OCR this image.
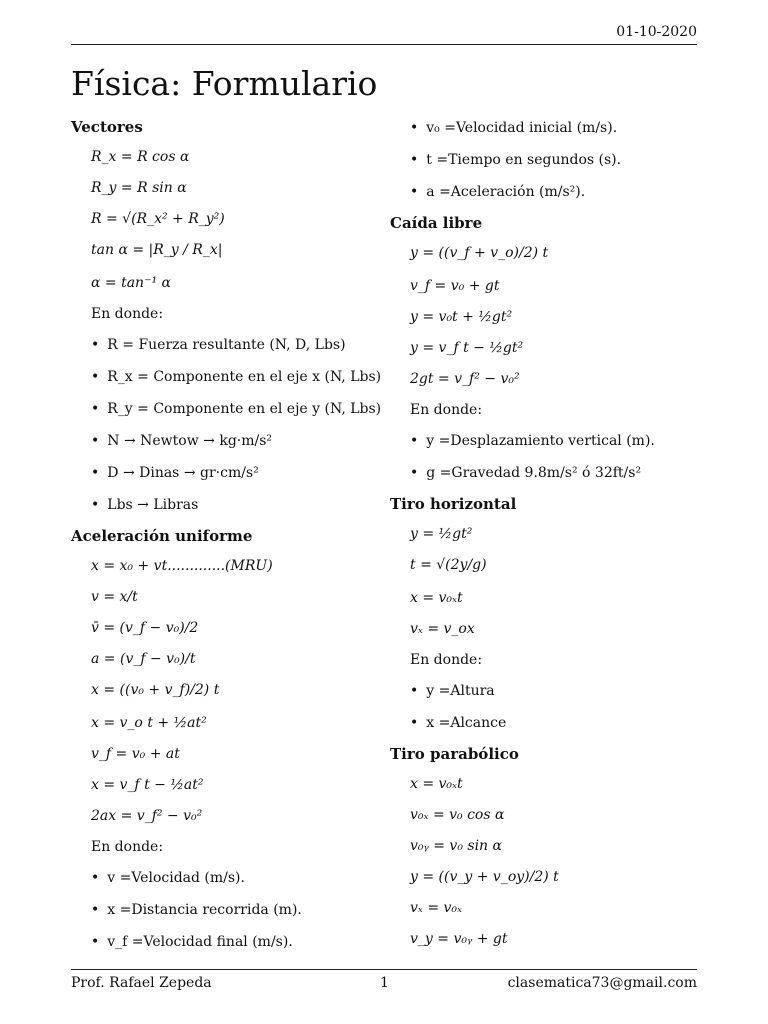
01-10-2020
Física: Formulario
Vectores
R_x = R cos α
R_y = R sin α
R = √(R_x² + R_y²)
tan α = |R_y / R_x|
α = tan⁻¹ α
En donde:
• R = Fuerza resultante (N, D, Lbs)
• R_x = Componente en el eje x (N, Lbs)
• R_y = Componente en el eje y (N, Lbs)
• N → Newtow → kg·m/s²
• D → Dinas → gr·cm/s²
• Lbs → Libras
Aceleración uniforme
x = x₀ + vt.............(MRU)
v = x/t
v̄ = (v_f − v₀)/2
a = (v_f − v₀)/t
x = ((v₀ + v_f)/2) t
x = v_o t + ½at²
v_f = v₀ + at
x = v_f t − ½at²
2ax = v_f² − v₀²
En donde:
• v =Velocidad (m/s).
• x =Distancia recorrida (m).
• v_f =Velocidad final (m/s).
• v₀ =Velocidad inicial (m/s).
• t =Tiempo en segundos (s).
• a =Aceleración (m/s²).
Caída libre
y = ((v_f + v_o)/2) t
v_f = v₀ + gt
y = v₀t + ½gt²
y = v_f t − ½gt²
2gt = v_f² − v₀²
En donde:
• y =Desplazamiento vertical (m).
• g =Gravedad 9.8m/s² ó 32ft/s²
Tiro horizontal
y = ½gt²
t = √(2y/g)
x = v₀ₓt
vₓ = v_ox
En donde:
• y =Altura
• x =Alcance
Tiro parabólico
x = v₀ₓt
v₀ₓ = v₀ cos α
v₀ᵧ = v₀ sin α
y = ((v_y + v_oy)/2) t
vₓ = v₀ₓ
v_y = v₀ᵧ + gt
Prof. Rafael Zepeda	1	clasematica73@gmail.com
